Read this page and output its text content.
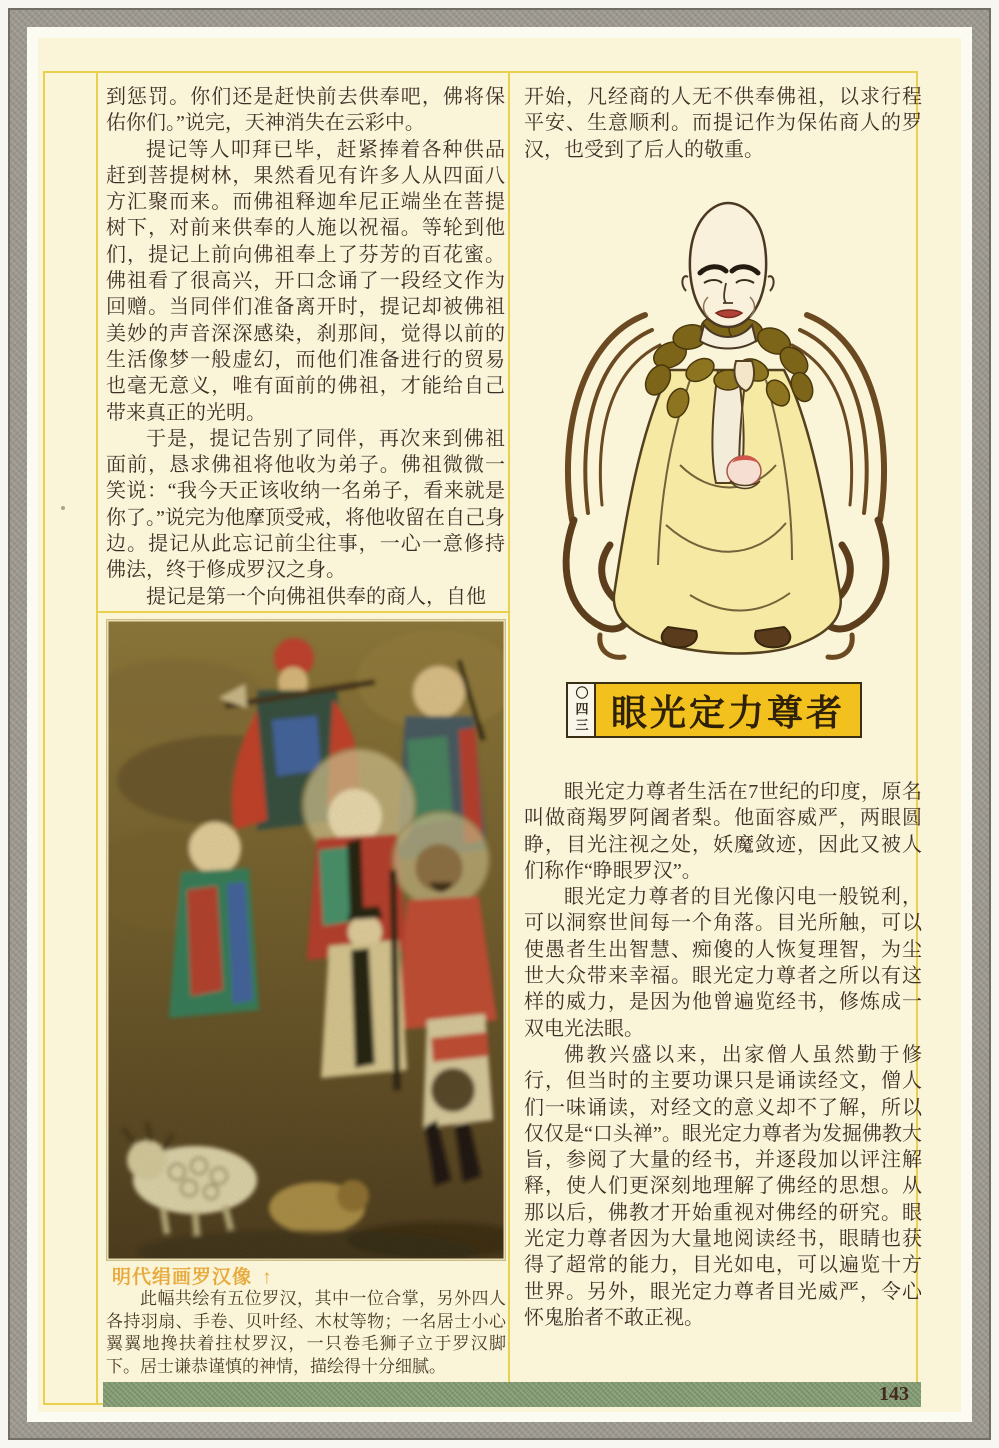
到惩罚。你们还是赶快前去供奉吧，佛将保佑你们。”说完，天神消失在云彩中。

提记等人叩拜已毕，赶紧捧着各种供品赶到菩提树林，果然看见有许多人从四面八方汇聚而来。而佛祖释迦牟尼正端坐在菩提树下，对前来供奉的人施以祝福。等轮到他们，提记上前向佛祖奉上了芬芳的百花蜜。佛祖看了很高兴，开口念诵了一段经文作为回赠。当同伴们准备离开时，提记却被佛祖美妙的声音深深感染，刹那间，觉得以前的生活像梦一般虚幻，而他们准备进行的贸易也毫无意义，唯有面前的佛祖，才能给自己带来真正的光明。

于是，提记告别了同伴，再次来到佛祖面前，恳求佛祖将他收为弟子。佛祖微微一笑说：“我今天正该收纳一名弟子，看来就是你了。”说完为他摩顶受戒，将他收留在自己身边。提记从此忘记前尘往事，一心一意修持佛法，终于修成罗汉之身。

提记是第一个向佛祖供奉的商人，自他

开始，凡经商的人无不供奉佛祖，以求行程平安、生意顺利。而提记作为保佑商人的罗汉，也受到了后人的敬重。

〇四三 眼光定力尊者

眼光定力尊者生活在7世纪的印度，原名叫做商羯罗阿阇者梨。他面容威严，两眼圆睁，目光注视之处，妖魔敛迹，因此又被人们称作“睁眼罗汉”。

眼光定力尊者的目光像闪电一般锐利，可以洞察世间每一个角落。目光所触，可以使愚者生出智慧、痴傻的人恢复理智，为尘世大众带来幸福。眼光定力尊者之所以有这样的威力，是因为他曾遍览经书，修炼成一双电光法眼。

佛教兴盛以来，出家僧人虽然勤于修行，但当时的主要功课只是诵读经文，僧人们一味诵读，对经文的意义却不了解，所以仅仅是“口头禅”。眼光定力尊者为发掘佛教大旨，参阅了大量的经书，并逐段加以评注解释，使人们更深刻地理解了佛经的思想。从那以后，佛教才开始重视对佛经的研究。眼光定力尊者因为大量地阅读经书，眼睛也获得了超常的能力，目光如电，可以遍览十方世界。另外，眼光定力尊者目光威严，令心怀鬼胎者不敢正视。

明代绢画罗汉像 ↑

此幅共绘有五位罗汉，其中一位合掌，另外四人各持羽扇、手卷、贝叶经、木杖等物；一名居士小心翼翼地搀扶着拄杖罗汉，一只卷毛狮子立于罗汉脚下。居士谦恭谨慎的神情，描绘得十分细腻。

143
